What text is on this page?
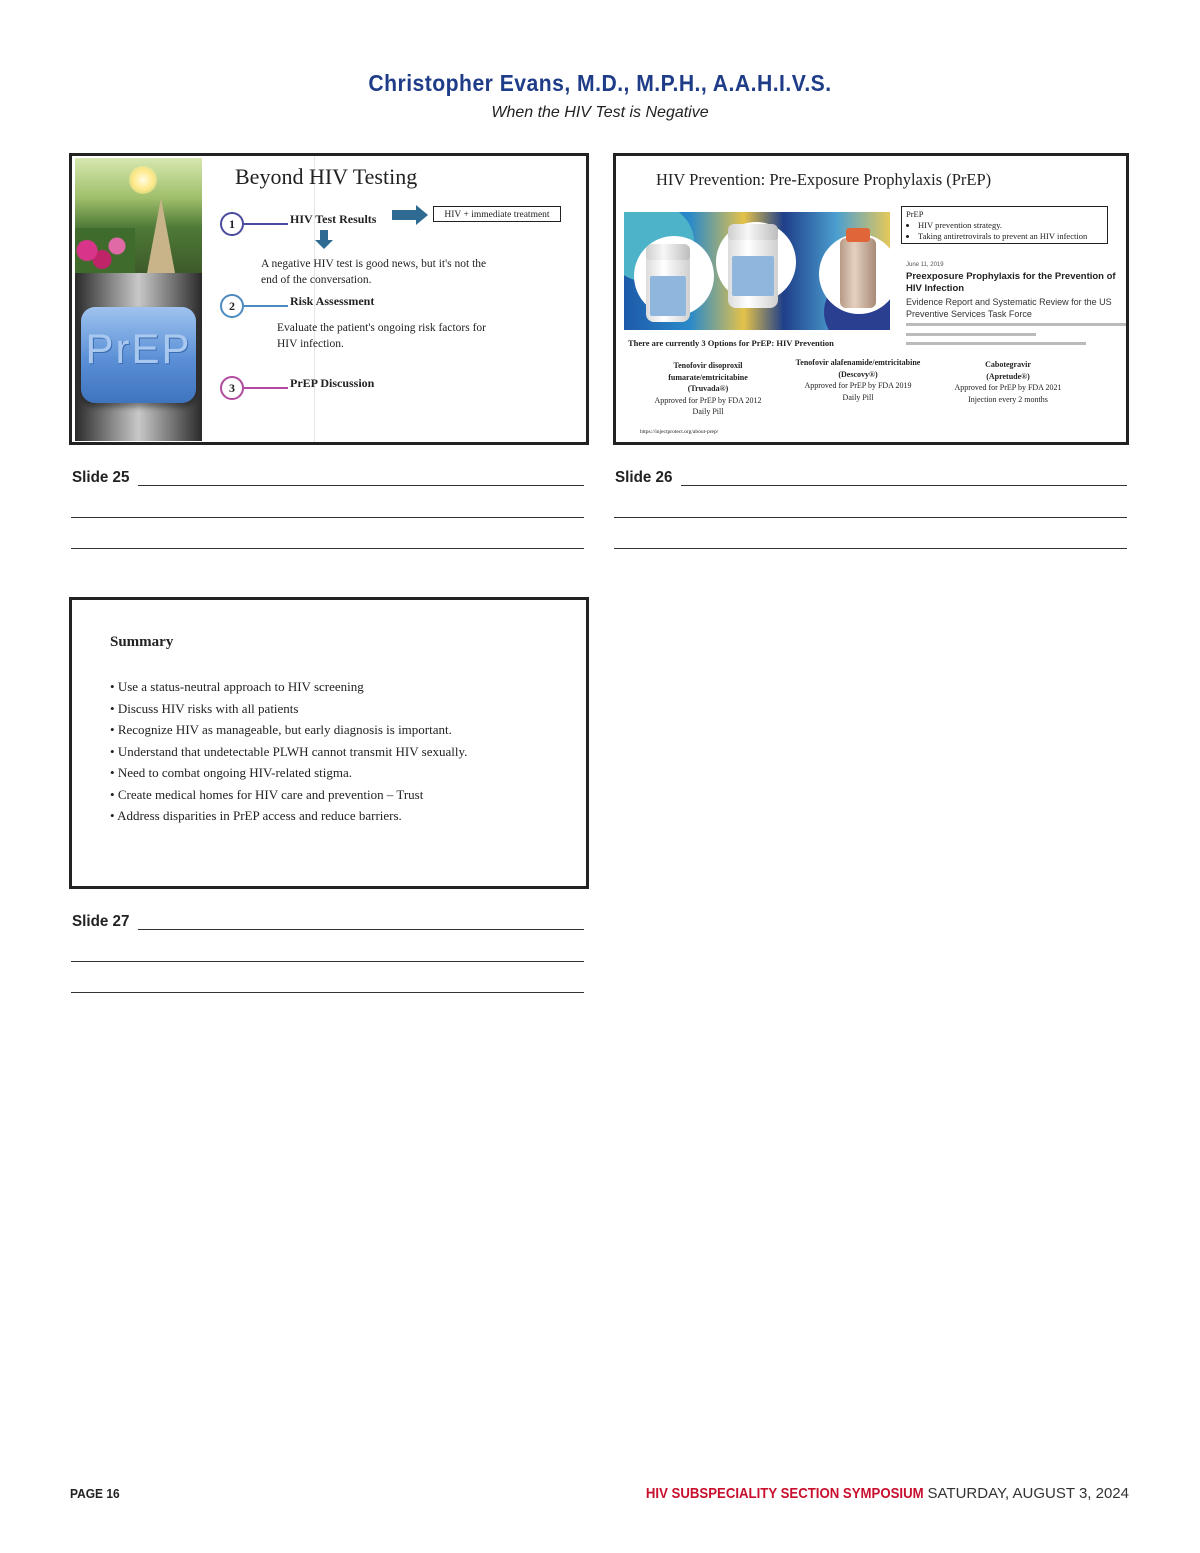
Christopher Evans, M.D., M.P.H., A.A.H.I.V.S.
When the HIV Test is Negative
PrEP
Beyond HIV Testing
1	HIV Test Results	HIV + immediate treatment
A negative HIV test is good news, but it's not the end of the conversation.
2	Risk Assessment
Evaluate the patient's ongoing risk factors for HIV infection.
3	PrEP Discussion
Slide 25
HIV Prevention: Pre-Exposure Prophylaxis (PrEP)
PrEP
• HIV prevention strategy.
• Taking antiretrovirals to prevent an HIV infection
June 11, 2019
Preexposure Prophylaxis for the Prevention of HIV Infection
Evidence Report and Systematic Review for the US Preventive Services Task Force
There are currently 3 Options for PrEP: HIV Prevention
Tenofovir disoproxil fumarate/emtricitabine
(Truvada®)
Approved for PrEP by FDA 2012
Daily Pill
Tenofovir alafenamide/emtricitabine
(Descovy®)
Approved for PrEP by FDA 2019
Daily Pill
Cabotegravir
(Apretude®)
Approved for PrEP by FDA 2021
Injection every 2 months
https://injectprotect.org/about-prep/
Slide 26
Summary
• Use a status-neutral approach to HIV screening
• Discuss HIV risks with all patients
• Recognize HIV as manageable, but early diagnosis is important.
• Understand that undetectable PLWH cannot transmit HIV sexually.
• Need to combat ongoing HIV-related stigma.
• Create medical homes for HIV care and prevention – Trust
• Address disparities in PrEP access and reduce barriers.
Slide 27
PAGE 16	HIV SUBSPECIALITY SECTION SYMPOSIUM SATURDAY, AUGUST 3, 2024
